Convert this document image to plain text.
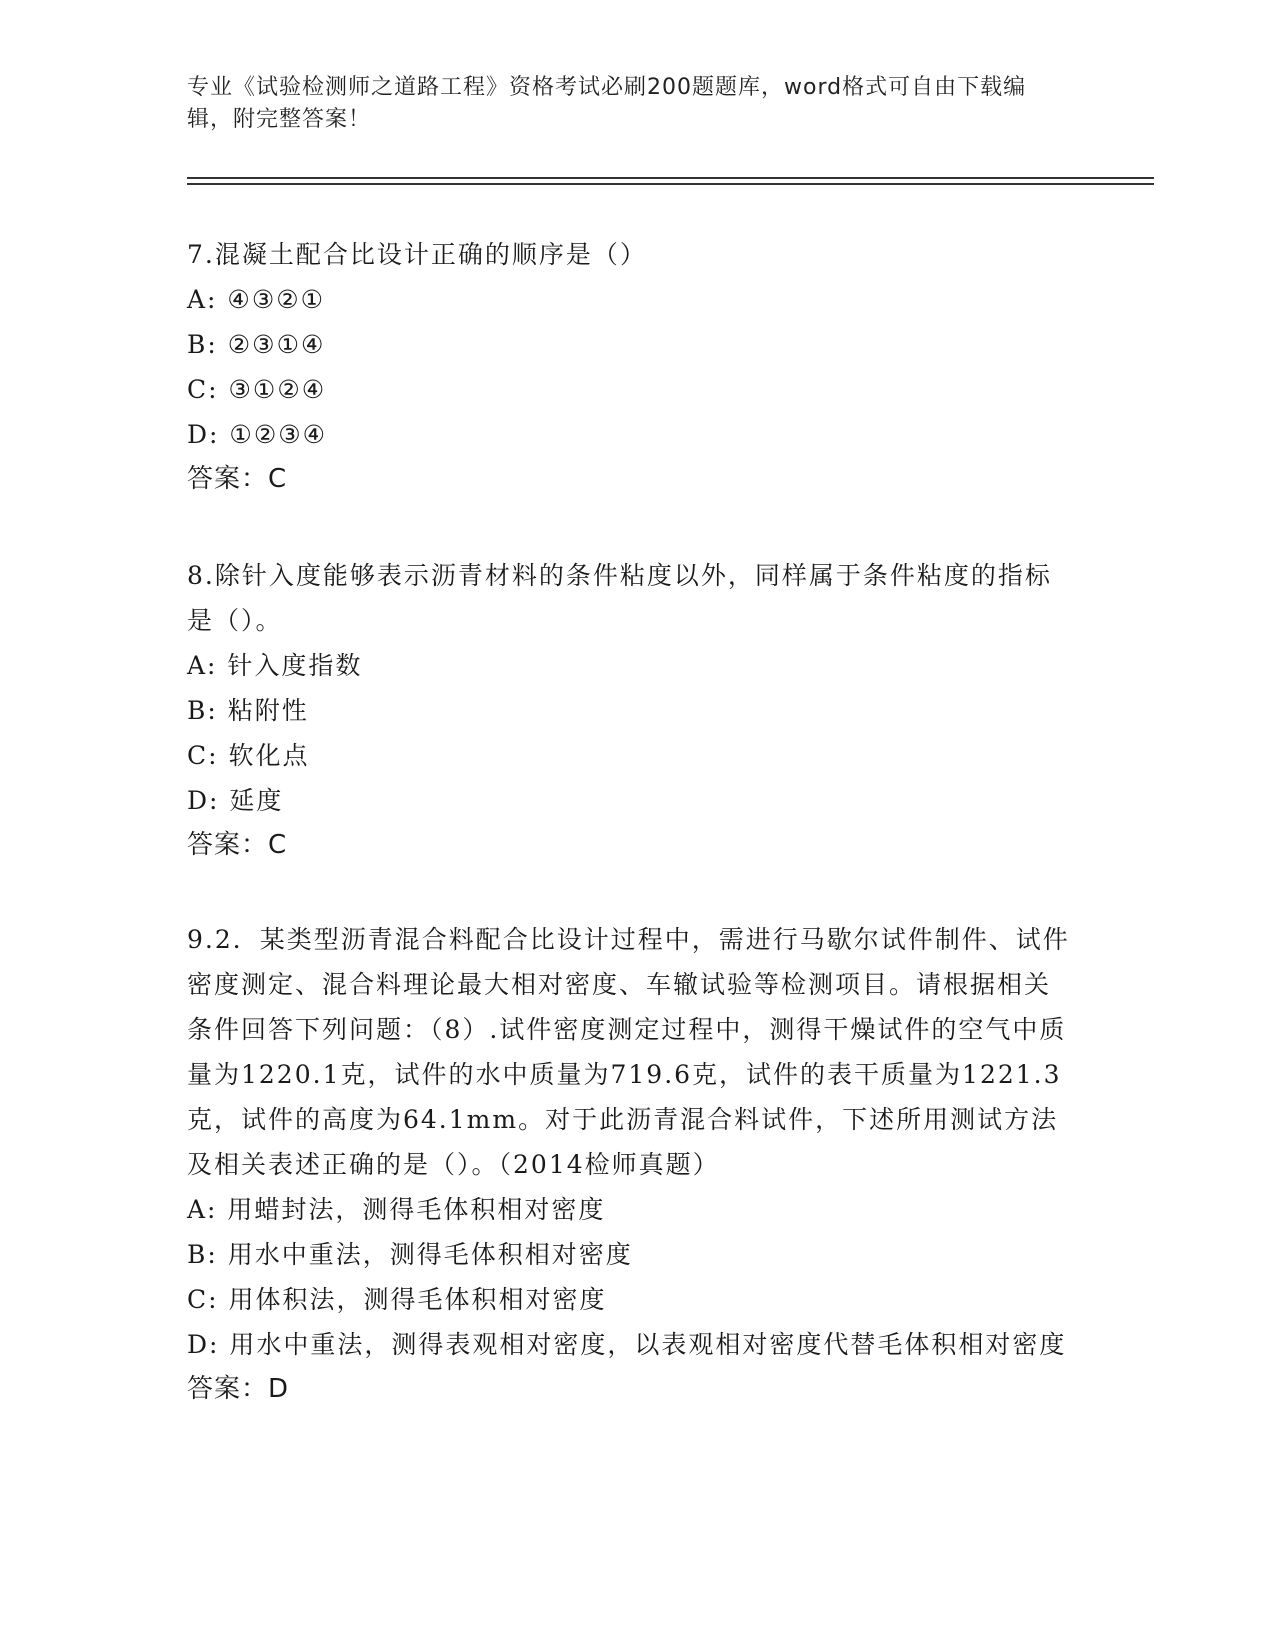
专业《试验检测师之道路工程》资格考试必刷200题题库，word格式可自由下载编辑，附完整答案！

7.混凝土配合比设计正确的顺序是（）

A: ④③②①

B: ②③①④

C: ③①②④

D: ①②③④

答案：C

8.除针入度能够表示沥青材料的条件粘度以外，同样属于条件粘度的指标是（）。

A: 针入度指数

B: 粘附性

C: 软化点

D: 延度

答案：C

9.2．某类型沥青混合料配合比设计过程中，需进行马歇尔试件制件、试件密度测定、混合料理论最大相对密度、车辙试验等检测项目。请根据相关条件回答下列问题：（8）.试件密度测定过程中，测得干燥试件的空气中质量为1220.1克，试件的水中质量为719.6克，试件的表干质量为1221.3克，试件的高度为64.1mm。对于此沥青混合料试件，下述所用测试方法及相关表述正确的是（）。（2014检师真题）

A: 用蜡封法，测得毛体积相对密度

B: 用水中重法，测得毛体积相对密度

C: 用体积法，测得毛体积相对密度

D: 用水中重法，测得表观相对密度，以表观相对密度代替毛体积相对密度

答案：D
